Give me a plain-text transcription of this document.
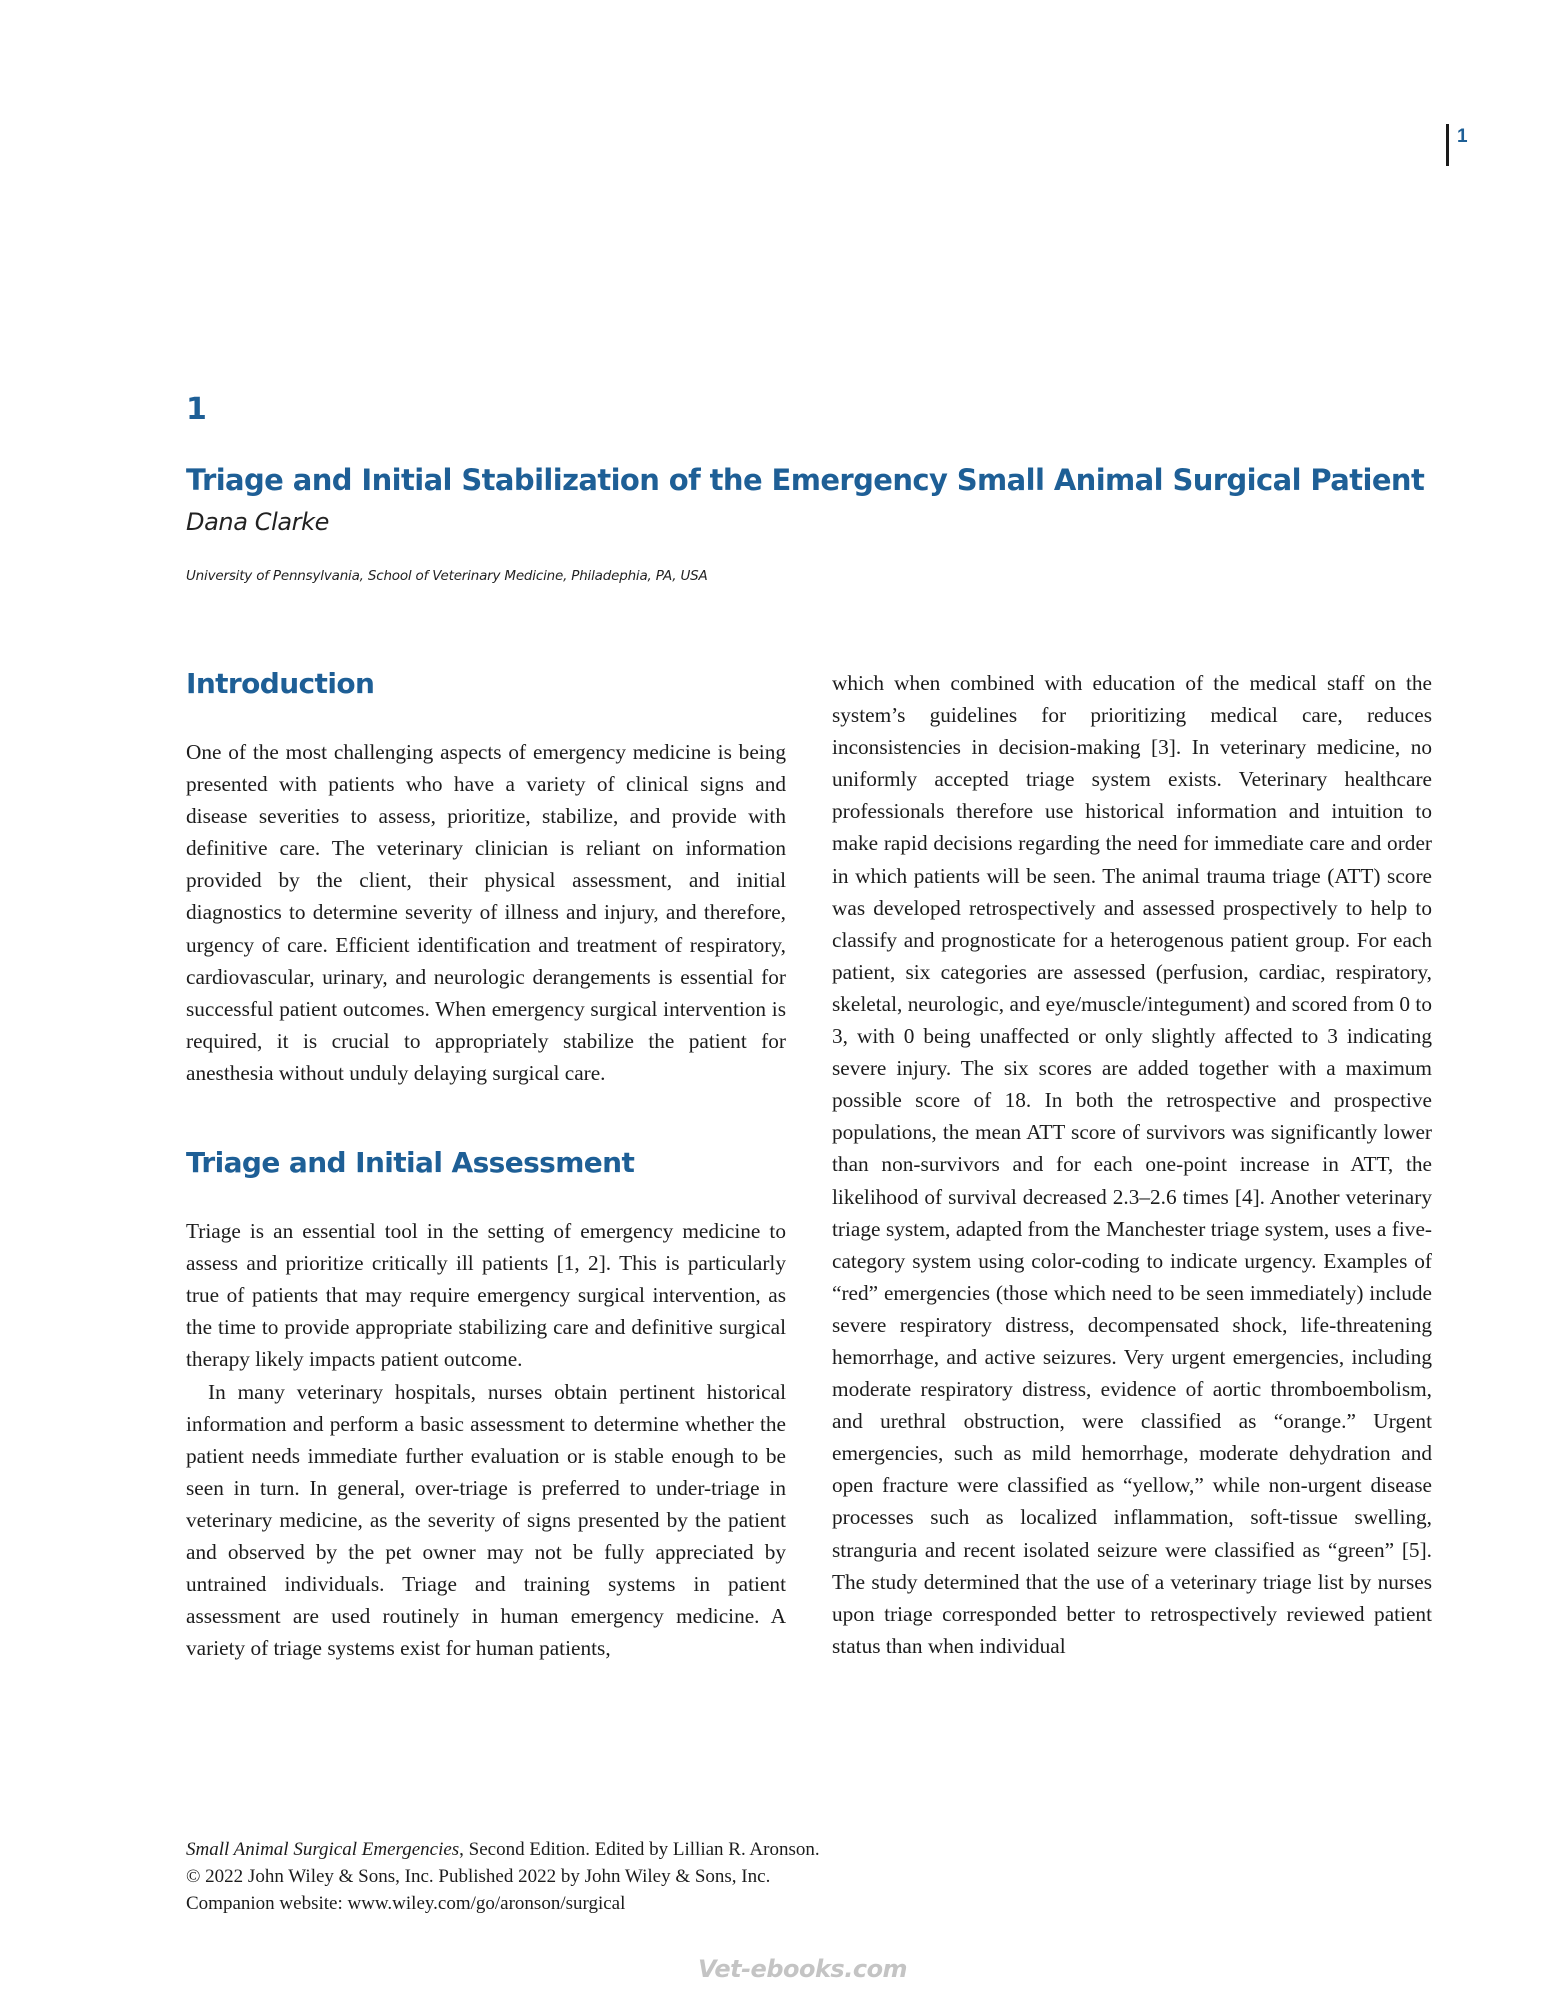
1
1
Triage and Initial Stabilization of the Emergency Small Animal Surgical Patient
Dana Clarke
University of Pennsylvania, School of Veterinary Medicine, Philadephia, PA, USA
Introduction

One of the most challenging aspects of emergency medicine is being presented with patients who have a variety of clinical signs and disease severities to assess, prioritize, stabilize, and provide with definitive care. The veterinary clinician is reliant on information provided by the client, their physical assessment, and initial diagnostics to determine severity of illness and injury, and therefore, urgency of care. Efficient identification and treatment of respiratory, cardiovascular, urinary, and neurologic derangements is essential for successful patient outcomes. When emergency surgical intervention is required, it is crucial to appropriately stabilize the patient for anesthesia without unduly delaying surgical care.

Triage and Initial Assessment

Triage is an essential tool in the setting of emergency medicine to assess and prioritize critically ill patients [1, 2]. This is particularly true of patients that may require emergency surgical intervention, as the time to provide appropriate stabilizing care and definitive surgical therapy likely impacts patient outcome.

In many veterinary hospitals, nurses obtain pertinent historical information and perform a basic assessment to determine whether the patient needs immediate further evaluation or is stable enough to be seen in turn. In general, over-triage is preferred to under-triage in veterinary medicine, as the severity of signs presented by the patient and observed by the pet owner may not be fully appreciated by untrained individuals. Triage and training systems in patient assessment are used routinely in human emergency medicine. A variety of triage systems exist for human patients,

which when combined with education of the medical staff on the system’s guidelines for prioritizing medical care, reduces inconsistencies in decision-making [3]. In veterinary medicine, no uniformly accepted triage system exists. Veterinary healthcare professionals therefore use historical information and intuition to make rapid decisions regarding the need for immediate care and order in which patients will be seen. The animal trauma triage (ATT) score was developed retrospectively and assessed prospectively to help to classify and prognosticate for a heterogenous patient group. For each patient, six categories are assessed (perfusion, cardiac, respiratory, skeletal, neurologic, and eye/muscle/integument) and scored from 0 to 3, with 0 being unaffected or only slightly affected to 3 indicating severe injury. The six scores are added together with a maximum possible score of 18. In both the retrospective and prospective populations, the mean ATT score of survivors was significantly lower than non-survivors and for each one-point increase in ATT, the likelihood of survival decreased 2.3–2.6 times [4]. Another veterinary triage system, adapted from the Manchester triage system, uses a five-category system using color-coding to indicate urgency. Examples of “red” emergencies (those which need to be seen immediately) include severe respiratory distress, decompensated shock, life-threatening hemorrhage, and active seizures. Very urgent emergencies, including moderate respiratory distress, evidence of aortic thromboembolism, and urethral obstruction, were classified as “orange.” Urgent emergencies, such as mild hemorrhage, moderate dehydration and open fracture were classified as “yellow,” while non-urgent disease processes such as localized inflammation, soft-tissue swelling, stranguria and recent isolated seizure were classified as “green” [5]. The study determined that the use of a veterinary triage list by nurses upon triage corresponded better to retrospectively reviewed patient status than when individual

Small Animal Surgical Emergencies, Second Edition. Edited by Lillian R. Aronson.
© 2022 John Wiley & Sons, Inc. Published 2022 by John Wiley & Sons, Inc.
Companion website: www.wiley.com/go/aronson/surgical
Vet-ebooks.com
